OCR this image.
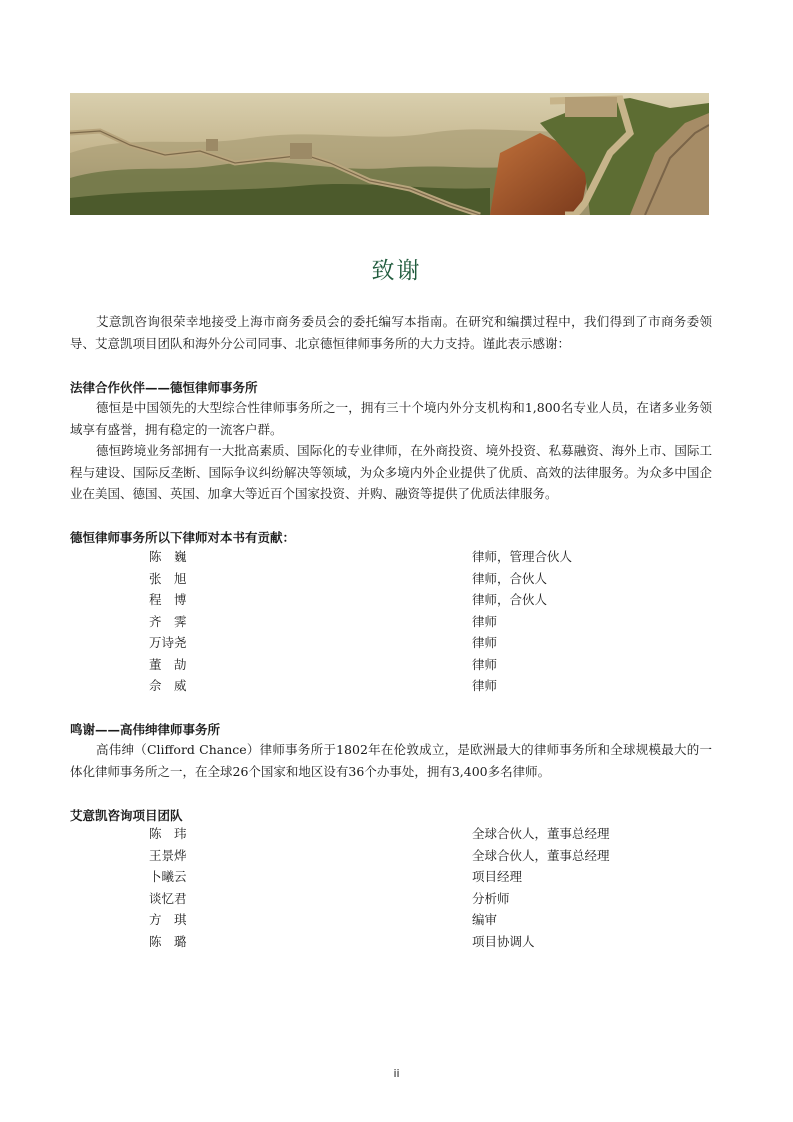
致谢

艾意凯咨询很荣幸地接受上海市商务委员会的委托编写本指南。在研究和编撰过程中，我们得到了市商务委领导、艾意凯项目团队和海外分公司同事、北京德恒律师事务所的大力支持。谨此表示感谢：

法律合作伙伴——德恒律师事务所

德恒是中国领先的大型综合性律师事务所之一，拥有三十个境内外分支机构和1,800名专业人员，在诸多业务领域享有盛誉，拥有稳定的一流客户群。

德恒跨境业务部拥有一大批高素质、国际化的专业律师，在外商投资、境外投资、私募融资、海外上市、国际工程与建设、国际反垄断、国际争议纠纷解决等领域，为众多境内外企业提供了优质、高效的法律服务。为众多中国企业在美国、德国、英国、加拿大等近百个国家投资、并购、融资等提供了优质法律服务。

德恒律师事务所以下律师对本书有贡献：
陈　巍	律师，管理合伙人
张　旭	律师，合伙人
程　博	律师，合伙人
齐　霁	律师
万诗尧	律师
董　劼	律师
佘　威	律师
鸣谢——高伟绅律师事务所

高伟绅（Clifford Chance）律师事务所于1802年在伦敦成立，是欧洲最大的律师事务所和全球规模最大的一体化律师事务所之一，在全球26个国家和地区设有36个办事处，拥有3,400多名律师。

艾意凯咨询项目团队
陈　玮	全球合伙人，董事总经理
王景烨	全球合伙人，董事总经理
卜曦云	项目经理
谈忆君	分析师
方　琪	编审
陈　璐	项目协调人
ii
